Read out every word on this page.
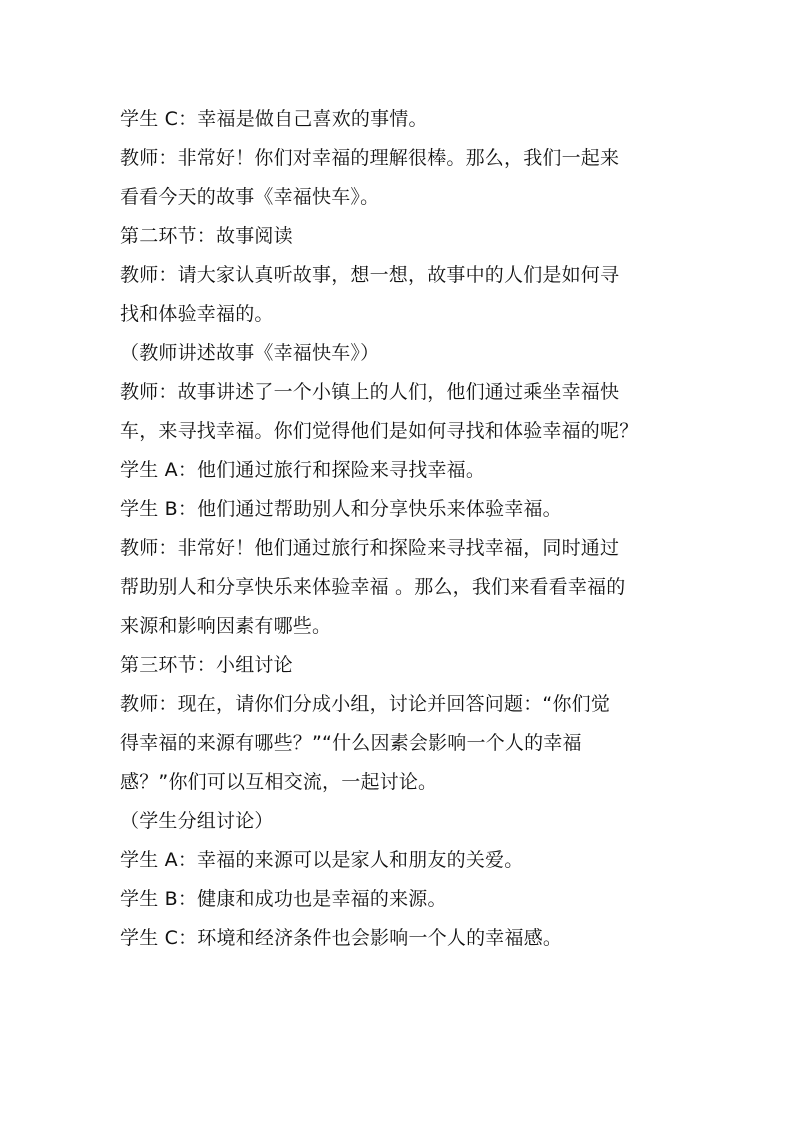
学生 C：幸福是做自己喜欢的事情。
教师：非常好！你们对幸福的理解很棒。那么，我们一起来
看看今天的故事《幸福快车》。
第二环节：故事阅读
教师：请大家认真听故事，想一想，故事中的人们是如何寻
找和体验幸福的。
（教师讲述故事《幸福快车》）
教师：故事讲述了一个小镇上的人们，他们通过乘坐幸福快
车，来寻找幸福。你们觉得他们是如何寻找和体验幸福的呢？
学生 A：他们通过旅行和探险来寻找幸福。
学生 B：他们通过帮助别人和分享快乐来体验幸福。
教师：非常好！他们通过旅行和探险来寻找幸福，同时通过
帮助别人和分享快乐来体验幸福 。那么，我们来看看幸福的
来源和影响因素有哪些。
第三环节：小组讨论
教师：现在，请你们分成小组，讨论并回答问题：“你们觉
得幸福的来源有哪些？”“什么因素会影响一个人的幸福
感？”你们可以互相交流，一起讨论。
（学生分组讨论）
学生 A：幸福的来源可以是家人和朋友的关爱。
学生 B：健康和成功也是幸福的来源。
学生 C：环境和经济条件也会影响一个人的幸福感。
